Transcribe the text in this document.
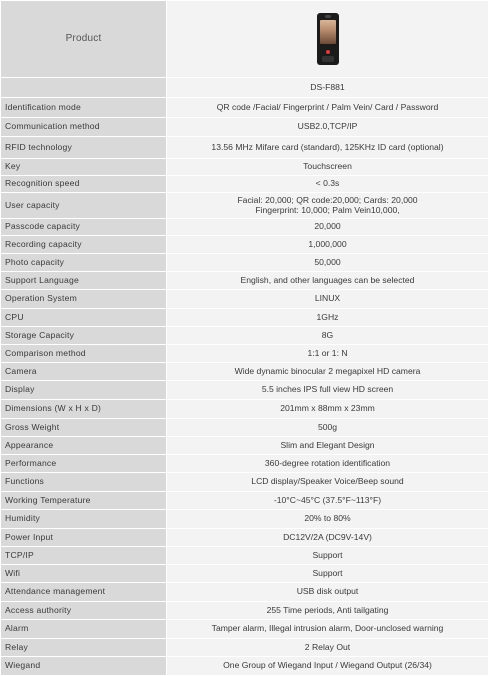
Product	

	DS-F881
Identification mode	QR code /Facial/ Fingerprint / Palm Vein/ Card / Password
Communication method	USB2.0,TCP/IP
RFID technology	13.56 MHz Mifare card (standard), 125KHz ID card (optional)
Key	Touchscreen
Recognition speed	< 0.3s
User capacity	Facial: 20,000; QR code:20,000; Cards: 20,000
Fingerprint: 10,000; Palm Vein10,000,
Passcode capacity	20,000
Recording capacity	1,000,000
Photo capacity	50,000
Support Language	English, and other languages can be selected
Operation System	LINUX
CPU	1GHz
Storage Capacity	8G
Comparison method	1:1 or 1: N
Camera	Wide dynamic binocular 2 megapixel HD camera
Display	5.5 inches IPS full view HD screen
Dimensions (W x H x D)	201mm x 88mm x 23mm
Gross Weight	500g
Appearance	Slim and Elegant Design
Performance	360-degree rotation identification
Functions	LCD display/Speaker Voice/Beep sound
Working Temperature	-10°C~45°C (37.5°F~113°F)
Humidity	20% to 80%
Power Input	DC12V/2A (DC9V-14V)
TCP/IP	Support
Wifi	Support
Attendance management	USB disk output
Access authority	255 Time periods, Anti tailgating
Alarm	Tamper alarm, Illegal intrusion alarm, Door-unclosed warning
Relay	2 Relay Out
Wiegand	One Group of Wiegand Input / Wiegand Output (26/34)
